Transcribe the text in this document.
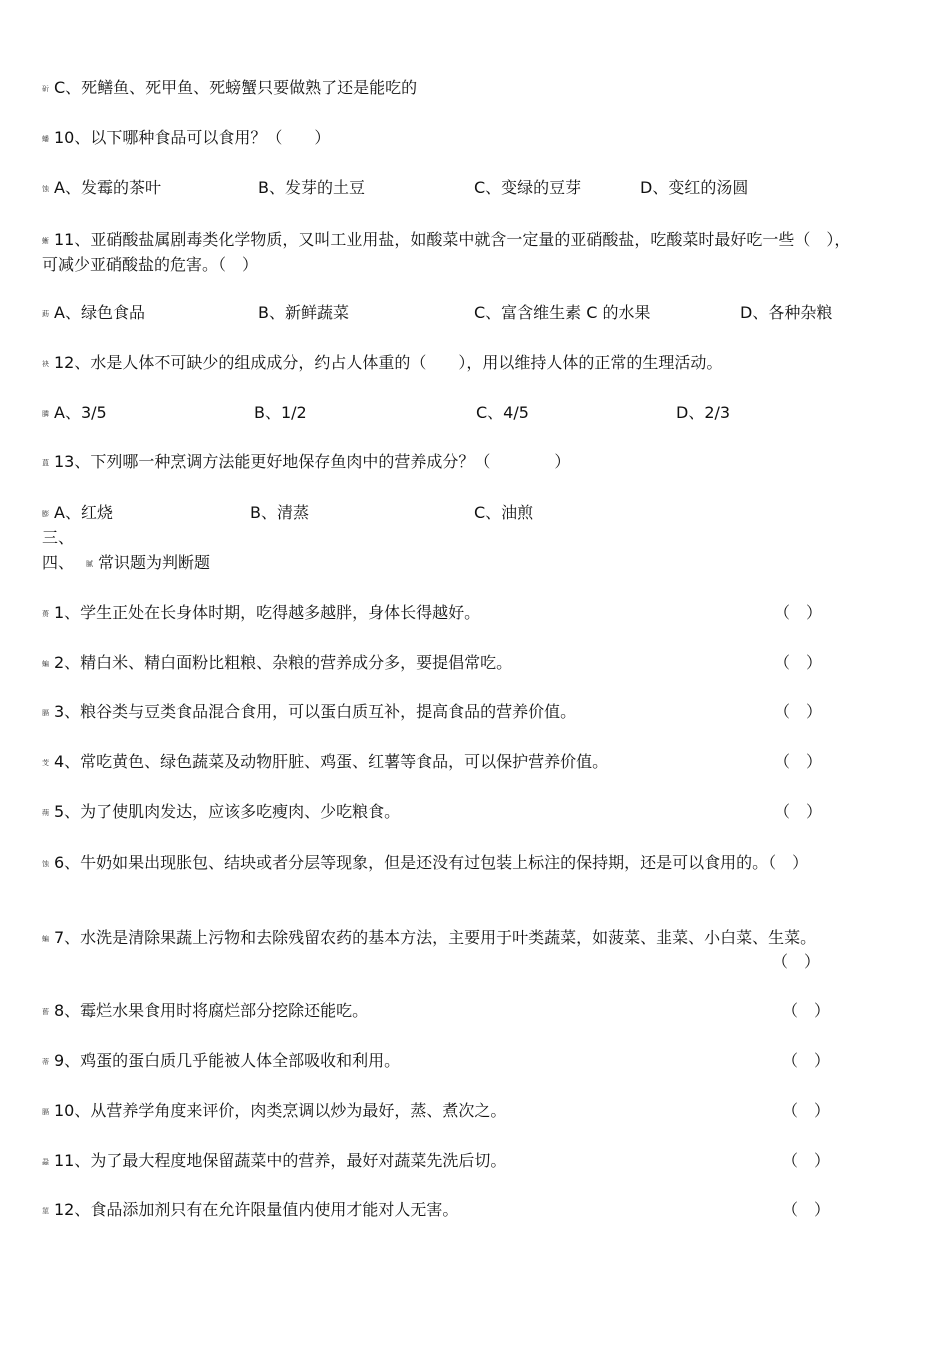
斫 C、死鳝鱼、死甲鱼、死螃蟹只要做熟了还是能吃的
蟠 10、以下哪种食品可以食用？（　　）
蚀 A、发霉的茶叶	B、发芽的土豆	C、变绿的豆芽	D、变红的汤圆
蜥 11、亚硝酸盐属剧毒类化学物质，又叫工业用盐，如酸菜中就含一定量的亚硝酸盐，吃酸菜时最好吃一些（　），可减少亚硝酸盐的危害。（　）
莇 A、绿色食品	B、新鲜蔬菜	C、富含维生素 C 的水果	D、各种杂粮
袂 12、水是人体不可缺少的组成成分，约占人体重的（　　），用以维持人体的正常的生理活动。
膦 A、3/5	B、1/2	C、4/5	D、2/3
蒀 13、下列哪一种烹调方法能更好地保存鱼肉中的营养成分？（　　　　）
膨 A、红烧	B、清蒸	C、油煎
三、
四、 膩 常识题为判断题
蒉 1、学生正处在长身体时期，吃得越多越胖，身体长得越好。	（　）
蝙 2、精白米、精白面粉比粗粮、杂粮的营养成分多，要提倡常吃。	（　）
膈 3、粮谷类与豆类食品混合食用，可以蛋白质互补，提高食品的营养价值。	（　）
芠 4、常吃黄色、绿色蔬菜及动物肝脏、鸡蛋、红薯等食品，可以保护营养价值。	（　）
蒴 5、为了使肌肉发达，应该多吃瘦肉、少吃粮食。	（　）
蚀 6、牛奶如果出现胀包、结块或者分层等现象，但是还没有过包装上标注的保持期，还是可以食用的。（　）
蝙 7、水洗是清除果蔬上污物和去除残留农药的基本方法，主要用于叶类蔬菜，如菠菜、韭菜、小白菜、生菜。
（　）
蒈 8、霉烂水果食用时将腐烂部分挖除还能吃。	（　）
蒂 9、鸡蛋的蛋白质几乎能被人体全部吸收和利用。	（　）
膈 10、从营养学角度来评价，肉类烹调以炒为最好，蒸、煮次之。	（　）
蝨 11、为了最大程度地保留蔬菜中的营养，最好对蔬菜先洗后切。	（　）
莁 12、食品添加剂只有在允许限量值内使用才能对人无害。	（　）
